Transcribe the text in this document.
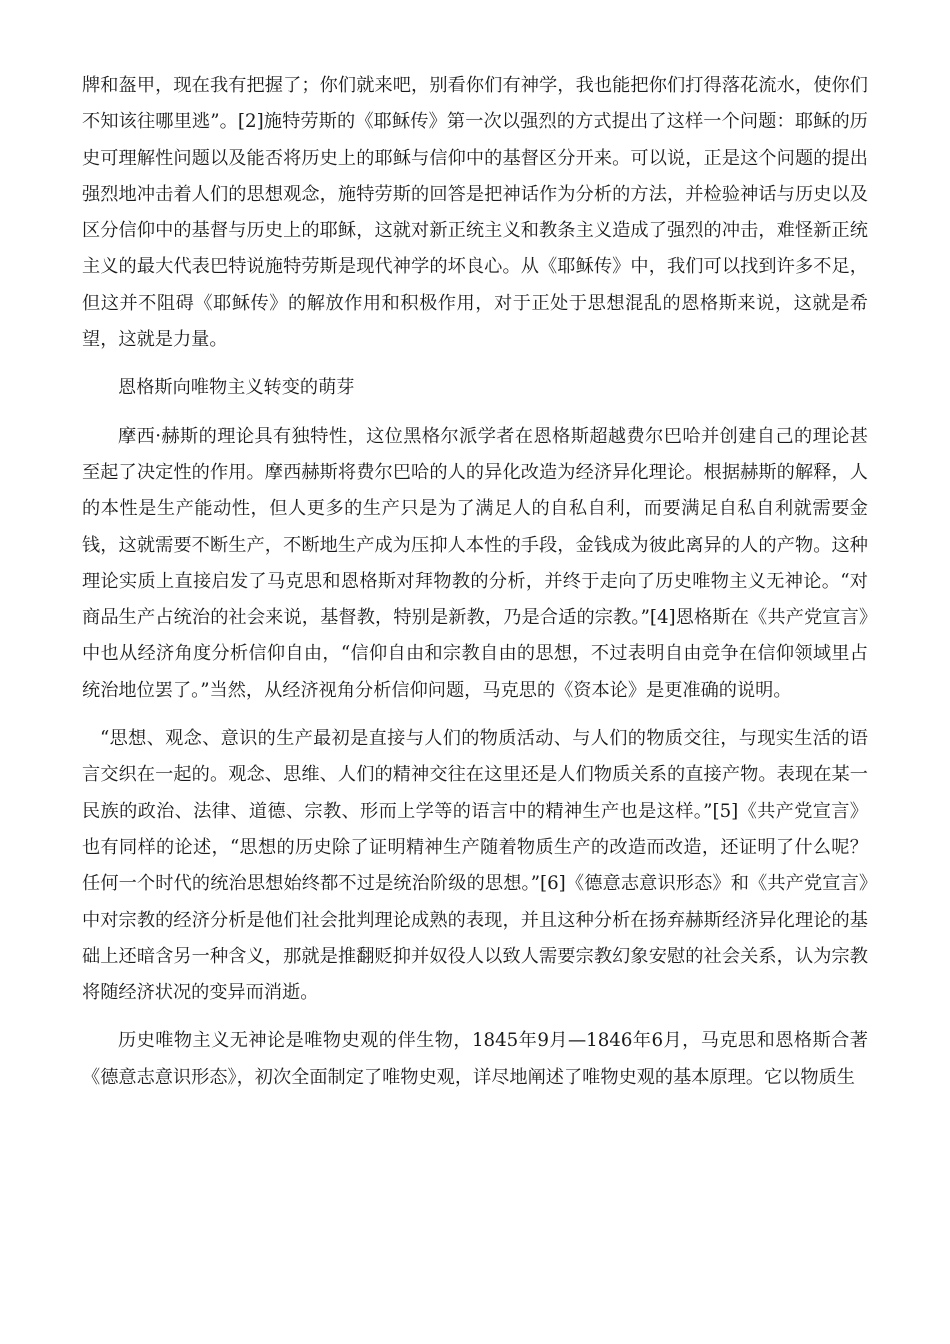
牌和盔甲，现在我有把握了；你们就来吧，别看你们有神学，我也能把你们打得落花流水，使你们不知该往哪里逃”。[2]施特劳斯的《耶稣传》第一次以强烈的方式提出了这样一个问题：耶稣的历史可理解性问题以及能否将历史上的耶稣与信仰中的基督区分开来。可以说，正是这个问题的提出强烈地冲击着人们的思想观念，施特劳斯的回答是把神话作为分析的方法，并检验神话与历史以及区分信仰中的基督与历史上的耶稣，这就对新正统主义和教条主义造成了强烈的冲击，难怪新正统主义的最大代表巴特说施特劳斯是现代神学的坏良心。从《耶稣传》中，我们可以找到许多不足，但这并不阻碍《耶稣传》的解放作用和积极作用，对于正处于思想混乱的恩格斯来说，这就是希望，这就是力量。

恩格斯向唯物主义转变的萌芽

摩西·赫斯的理论具有独特性，这位黑格尔派学者在恩格斯超越费尔巴哈并创建自己的理论甚至起了决定性的作用。摩西赫斯将费尔巴哈的人的异化改造为经济异化理论。根据赫斯的解释，人的本性是生产能动性，但人更多的生产只是为了满足人的自私自利，而要满足自私自利就需要金钱，这就需要不断生产，不断地生产成为压抑人本性的手段，金钱成为彼此离异的人的产物。这种理论实质上直接启发了马克思和恩格斯对拜物教的分析，并终于走向了历史唯物主义无神论。“对商品生产占统治的社会来说，基督教，特别是新教，乃是合适的宗教。”[4]恩格斯在《共产党宣言》中也从经济角度分析信仰自由，“信仰自由和宗教自由的思想，不过表明自由竞争在信仰领域里占统治地位罢了。”当然，从经济视角分析信仰问题，马克思的《资本论》是更准确的说明。

“思想、观念、意识的生产最初是直接与人们的物质活动、与人们的物质交往，与现实生活的语言交织在一起的。观念、思维、人们的精神交往在这里还是人们物质关系的直接产物。表现在某一民族的政治、法律、道德、宗教、形而上学等的语言中的精神生产也是这样。”[5]《共产党宣言》也有同样的论述，“思想的历史除了证明精神生产随着物质生产的改造而改造，还证明了什么呢？任何一个时代的统治思想始终都不过是统治阶级的思想。”[6]《德意志意识形态》和《共产党宣言》中对宗教的经济分析是他们社会批判理论成熟的表现，并且这种分析在扬弃赫斯经济异化理论的基础上还暗含另一种含义，那就是推翻贬抑并奴役人以致人需要宗教幻象安慰的社会关系，认为宗教将随经济状况的变异而消逝。

历史唯物主义无神论是唯物史观的伴生物，1845年9月—1846年6月，马克思和恩格斯合著《德意志意识形态》，初次全面制定了唯物史观，详尽地阐述了唯物史观的基本原理。它以物质生
